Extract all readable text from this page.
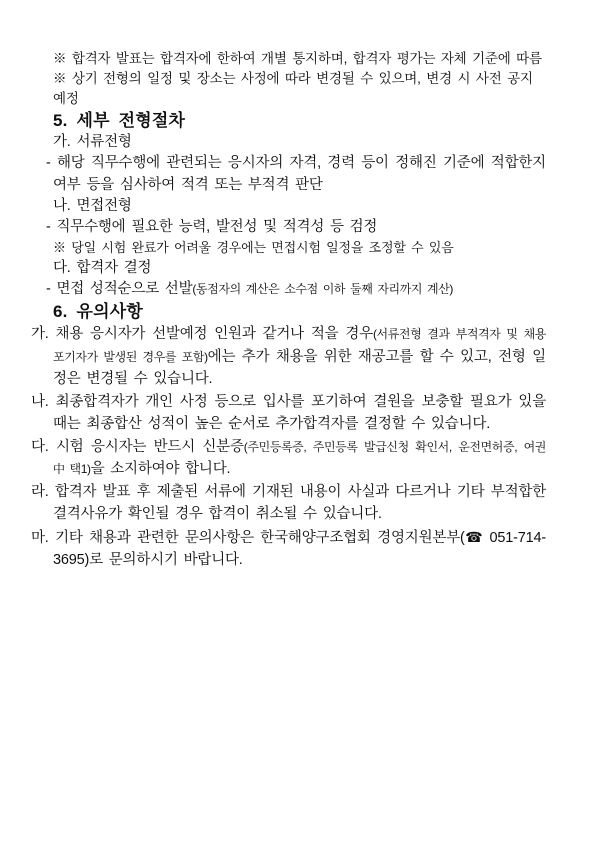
※ 합격자 발표는 합격자에 한하여 개별 통지하며, 합격자 평가는 자체 기준에 따름

※ 상기 전형의 일정 및 장소는 사정에 따라 변경될 수 있으며, 변경 시 사전 공지 예정

5. 세부 전형절차

가. 서류전형

- 해당 직무수행에 관련되는 응시자의 자격, 경력 등이 정해진 기준에 적합한지 여부 등을 심사하여 적격 또는 부적격 판단

나. 면접전형

- 직무수행에 필요한 능력, 발전성 및 적격성 등 검정

※ 당일 시험 완료가 어려울 경우에는 면접시험 일정을 조정할 수 있음

다. 합격자 결정

- 면접 성적순으로 선발(동점자의 계산은 소수점 이하 둘째 자리까지 계산)

6. 유의사항

가. 채용 응시자가 선발예정 인원과 같거나 적을 경우(서류전형 결과 부적격자 및 채용 포기자가 발생된 경우를 포함)에는 추가 채용을 위한 재공고를 할 수 있고, 전형 일정은 변경될 수 있습니다.

나. 최종합격자가 개인 사정 등으로 입사를 포기하여 결원을 보충할 필요가 있을 때는 최종합산 성적이 높은 순서로 추가합격자를 결정할 수 있습니다.

다. 시험 응시자는 반드시 신분증(주민등록증, 주민등록 발급신청 확인서, 운전면허증, 여권 中 택1)을 소지하여야 합니다.

라. 합격자 발표 후 제출된 서류에 기재된 내용이 사실과 다르거나 기타 부적합한 결격사유가 확인될 경우 합격이 취소될 수 있습니다.

마. 기타 채용과 관련한 문의사항은 한국해양구조협회 경영지원본부(☎ 051-714-3695)로 문의하시기 바랍니다.
